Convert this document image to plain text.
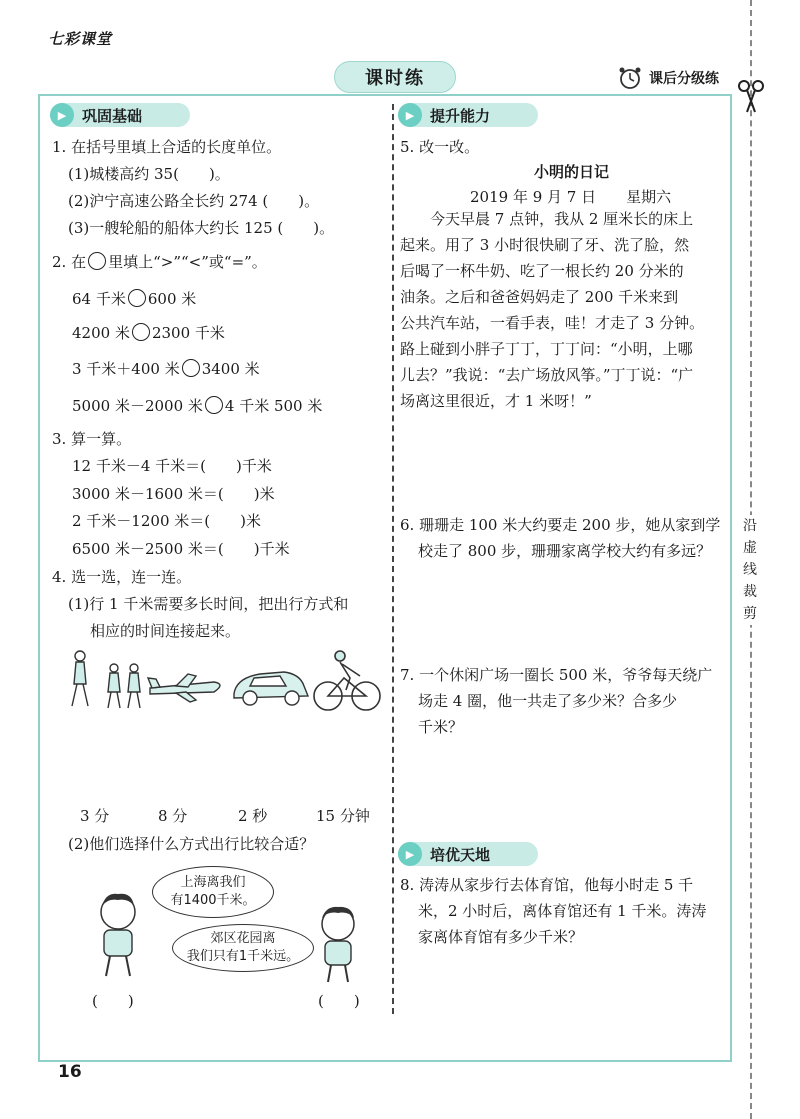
七彩课堂
课时练	课后分级练
沿
虚
线
裁
剪
▶	巩固基础
1. 在括号里填上合适的长度单位。
(1)城楼高约 35(　　)。
(2)沪宁高速公路全长约 274 (　　)。
(3)一艘轮船的船体大约长 125 (　　)。
2. 在 里填上“>”“<”或“=”。
64 千米 600 米
4200 米 2300 千米
3 千米＋400 米 3400 米
5000 米－2000 米 4 千米 500 米
3. 算一算。
12 千米－4 千米＝(　　)千米
3000 米－1600 米＝(　　)米
2 千米－1200 米＝(　　)米
6500 米－2500 米＝(　　)千米
4. 选一选，连一连。
(1)行 1 千米需要多长时间，把出行方式和
相应的时间连接起来。
3 分	8 分	2 秒	15 分钟
(2)他们选择什么方式出行比较合适？
上海离我们
有1400千米。
郊区花园离
我们只有1千米远。
(　　)	(　　)
▶	提升能力
5. 改一改。
小明的日记
2019 年 9 月 7 日　　星期六
　　今天早晨 7 点钟，我从 2 厘米长的床上
起来。用了 3 小时很快刷了牙、洗了脸，然
后喝了一杯牛奶、吃了一根长约 20 分米的
油条。之后和爸爸妈妈走了 200 千米来到
公共汽车站，一看手表，哇！才走了 3 分钟。
路上碰到小胖子丁丁，丁丁问：“小明，上哪
儿去？”我说：“去广场放风筝。”丁丁说：“广
场离这里很近，才 1 米呀！”
6. 珊珊走 100 米大约要走 200 步，她从家到学
校走了 800 步，珊珊家离学校大约有多远？
7. 一个休闲广场一圈长 500 米，爷爷每天绕广
场走 4 圈，他一共走了多少米？合多少
千米？
▶	培优天地
8. 涛涛从家步行去体育馆，他每小时走 5 千
米，2 小时后，离体育馆还有 1 千米。涛涛
家离体育馆有多少千米？
16
